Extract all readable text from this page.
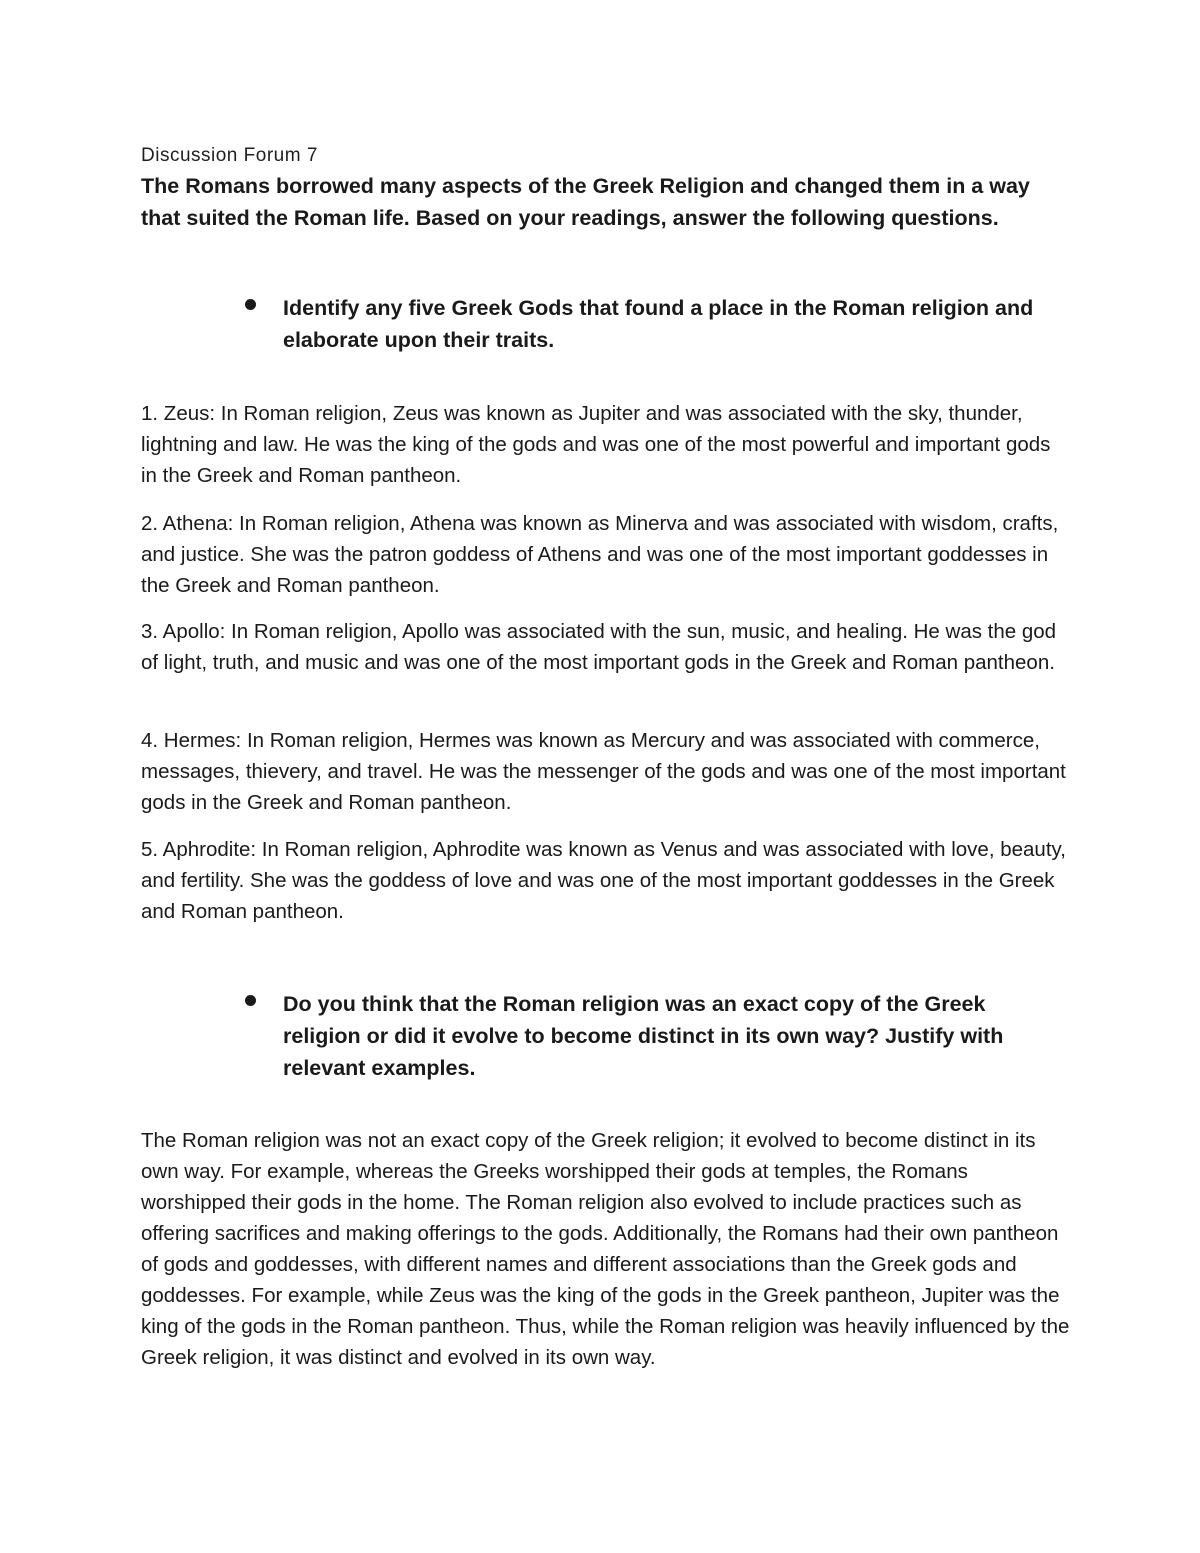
Discussion Forum 7
The Romans borrowed many aspects of the Greek Religion and changed them in a way that suited the Roman life. Based on your readings, answer the following questions.
Identify any five Greek Gods that found a place in the Roman religion and elaborate upon their traits.

1. Zeus: In Roman religion, Zeus was known as Jupiter and was associated with the sky, thunder, lightning and law. He was the king of the gods and was one of the most powerful and important gods in the Greek and Roman pantheon.

2. Athena: In Roman religion, Athena was known as Minerva and was associated with wisdom, crafts, and justice. She was the patron goddess of Athens and was one of the most important goddesses in the Greek and Roman pantheon.

3. Apollo: In Roman religion, Apollo was associated with the sun, music, and healing. He was the god of light, truth, and music and was one of the most important gods in the Greek and Roman pantheon.

4. Hermes: In Roman religion, Hermes was known as Mercury and was associated with commerce, messages, thievery, and travel. He was the messenger of the gods and was one of the most important gods in the Greek and Roman pantheon.

5. Aphrodite: In Roman religion, Aphrodite was known as Venus and was associated with love, beauty, and fertility. She was the goddess of love and was one of the most important goddesses in the Greek and Roman pantheon.

Do you think that the Roman religion was an exact copy of the Greek religion or did it evolve to become distinct in its own way? Justify with relevant examples.

The Roman religion was not an exact copy of the Greek religion; it evolved to become distinct in its own way. For example, whereas the Greeks worshipped their gods at temples, the Romans worshipped their gods in the home. The Roman religion also evolved to include practices such as offering sacrifices and making offerings to the gods. Additionally, the Romans had their own pantheon of gods and goddesses, with different names and different associations than the Greek gods and goddesses. For example, while Zeus was the king of the gods in the Greek pantheon, Jupiter was the king of the gods in the Roman pantheon. Thus, while the Roman religion was heavily influenced by the Greek religion, it was distinct and evolved in its own way.
